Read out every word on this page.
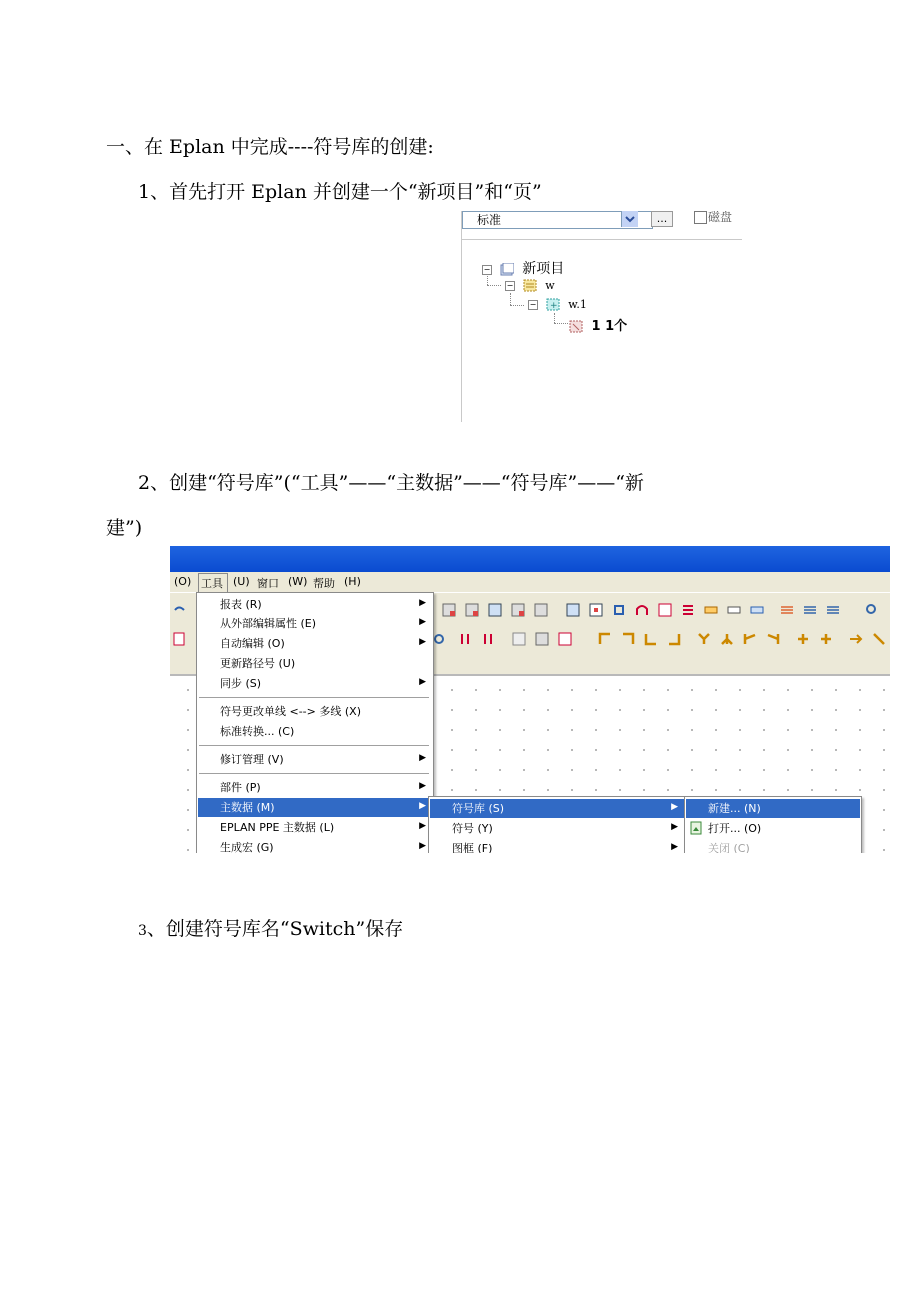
一、在 Eplan 中完成----符号库的创建:
1、首先打开 Eplan 并创建一个“新项目”和“页”
标准	...	磁盘
− 新项目
−	w
− + w.1
1 1个
2、创建“符号库”(“工具”——“主数据”——“符号库”——“新
建”)
(O) 工具 (U) 窗口 (W) 帮助 (H)
报表 (R)	▶
从外部编辑属性 (E)	▶
自动编辑 (O)	▶
更新路径号 (U)
同步 (S)	▶
符号更改单线 <--> 多线 (X)
标准转换... (C)
修订管理 (V)	▶
部件 (P)	▶
主数据 (M)	▶
EPLAN PPE 主数据 (L)	▶
生成宏 (G)	▶
符号库 (S)	▶
符号 (Y)	▶
图框 (F)	▶
新建... (N)
打开... (O)
关闭 (C)
3、创建符号库名“Switch”保存
